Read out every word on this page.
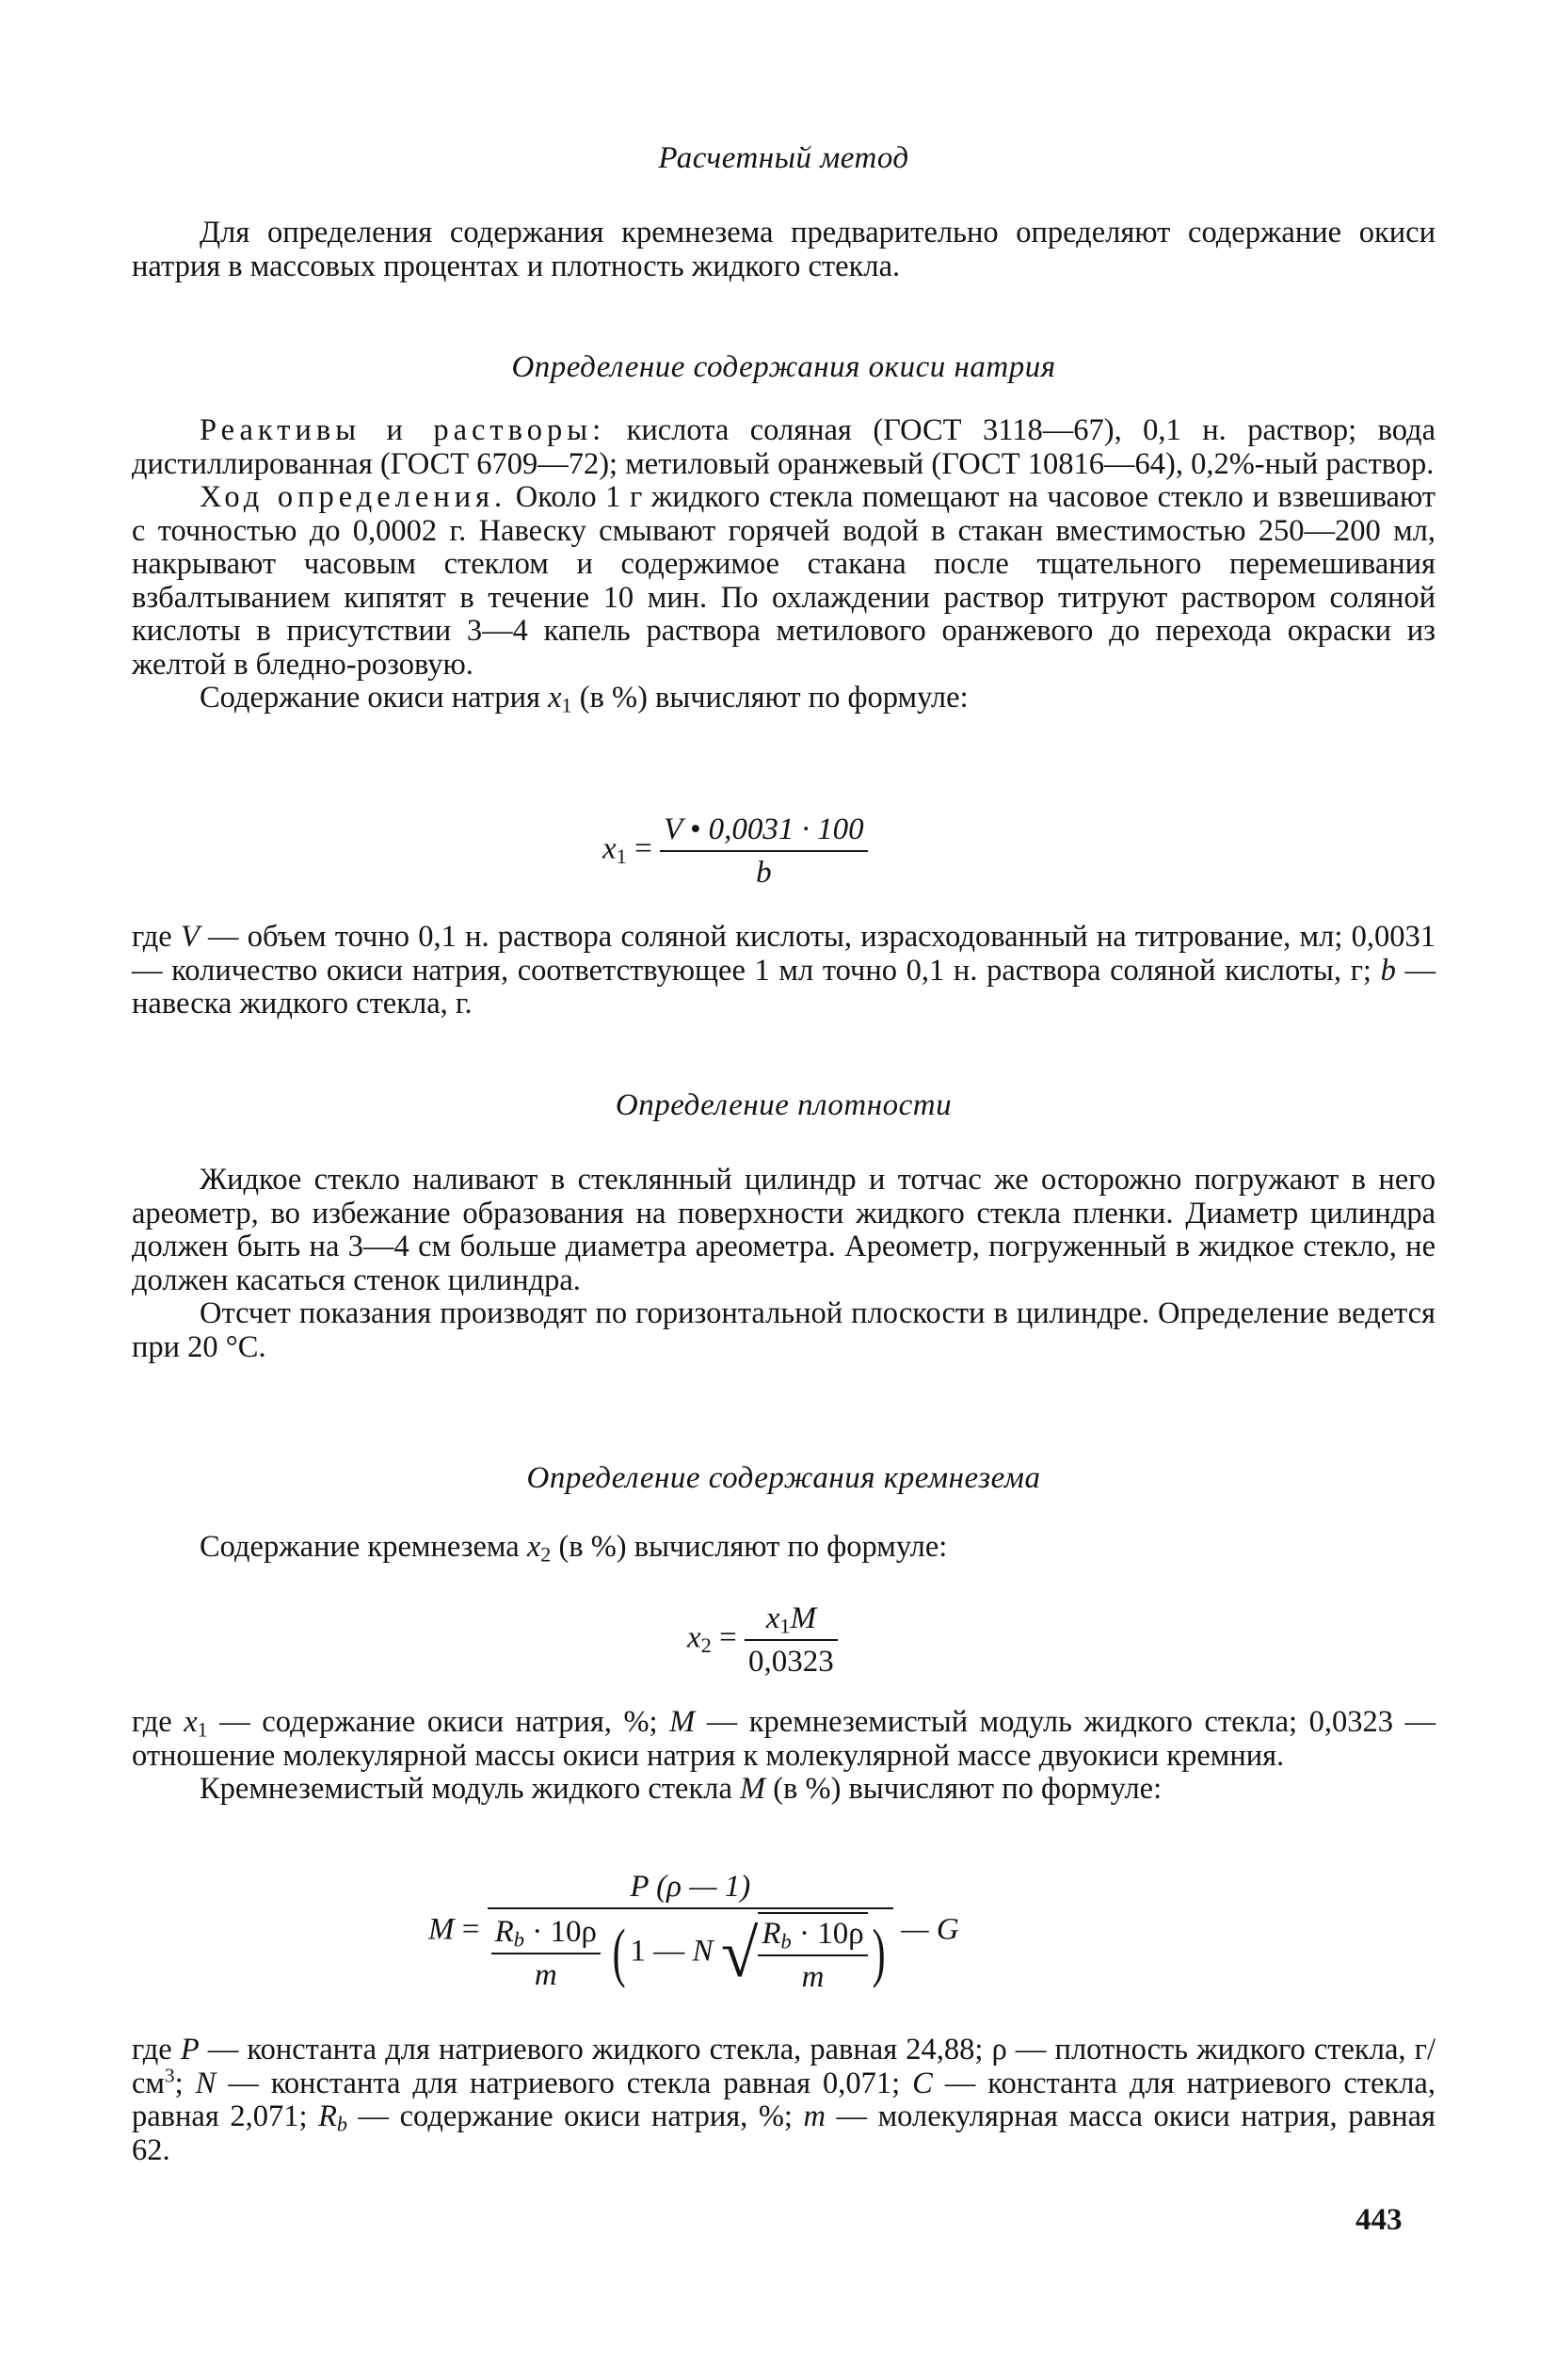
Расчетный метод

Для определения содержания кремнезема предварительно определяют содержание окиси натрия в массовых процентах и плотность жидкого стекла.

Определение содержания окиси натрия

Реактивы и растворы: кислота соляная (ГОСТ 3118—67), 0,1 н. раствор; вода дистиллированная (ГОСТ 6709—72); метиловый оранжевый (ГОСТ 10816—64), 0,2%-ный раствор.

Ход определения. Около 1 г жидкого стекла помещают на часовое стекло и взвешивают с точностью до 0,0002 г. Навеску смывают горячей водой в стакан вместимостью 250—200 мл, накрывают часовым стеклом и содержимое стакана после тщательного перемешивания взбалтыванием кипятят в течение 10 мин. По охлаждении раствор титруют раствором соляной кислоты в присутствии 3—4 капель раствора метилового оранжевого до перехода окраски из желтой в бледно-розовую.

Содержание окиси натрия $x_1$ (в %) вычисляют по формуле:

$x_1 = \frac{V • 0,0031 \cdot 100}{b}$

где V — объем точно 0,1 н. раствора соляной кислоты, израсходованный на титрование, мл; 0,0031 — количество окиси натрия, соответствующее 1 мл точно 0,1 н. раствора соляной кислоты, г; b — навеска жидкого стекла, г.

Определение плотности

Жидкое стекло наливают в стеклянный цилиндр и тотчас же осторожно погружают в него ареометр, во избежание образования на поверхности жидкого стекла пленки. Диаметр цилиндра должен быть на 3—4 см больше диаметра ареометра. Ареометр, погруженный в жидкое стекло, не должен касаться стенок цилиндра.

Отсчет показания производят по горизонтальной плоскости в цилиндре. Определение ведется при 20 °C.

Определение содержания кремнезема

Содержание кремнезема $x_2$ (в %) вычисляют по формуле:

$x_2 = \frac{x_1M}{0,0323}$

где $x_1$ — содержание окиси натрия, %; M — кремнеземистый модуль жидкого стекла; 0,0323 — отношение молекулярной массы окиси натрия к молекулярной массе двуокиси кремния.

Кремнеземистый модуль жидкого стекла M (в %) вычисляют по формуле:

M =
P (ρ — 1)
$\frac{R_b \cdot 10\rho}{m}$ ( 1 — N √ $\frac{R_b \cdot 10\rho}{m}$ ) — G

где P — константа для натриевого жидкого стекла, равная 24,88; ρ — плотность жидкого стекла, $г/см^3$; N — константа для натриевого стекла равная 0,071; C — константа для натриевого стекла, равная 2,071; $R_b$ — содержание окиси натрия, %; m — молекулярная масса окиси натрия, равная 62.

443
